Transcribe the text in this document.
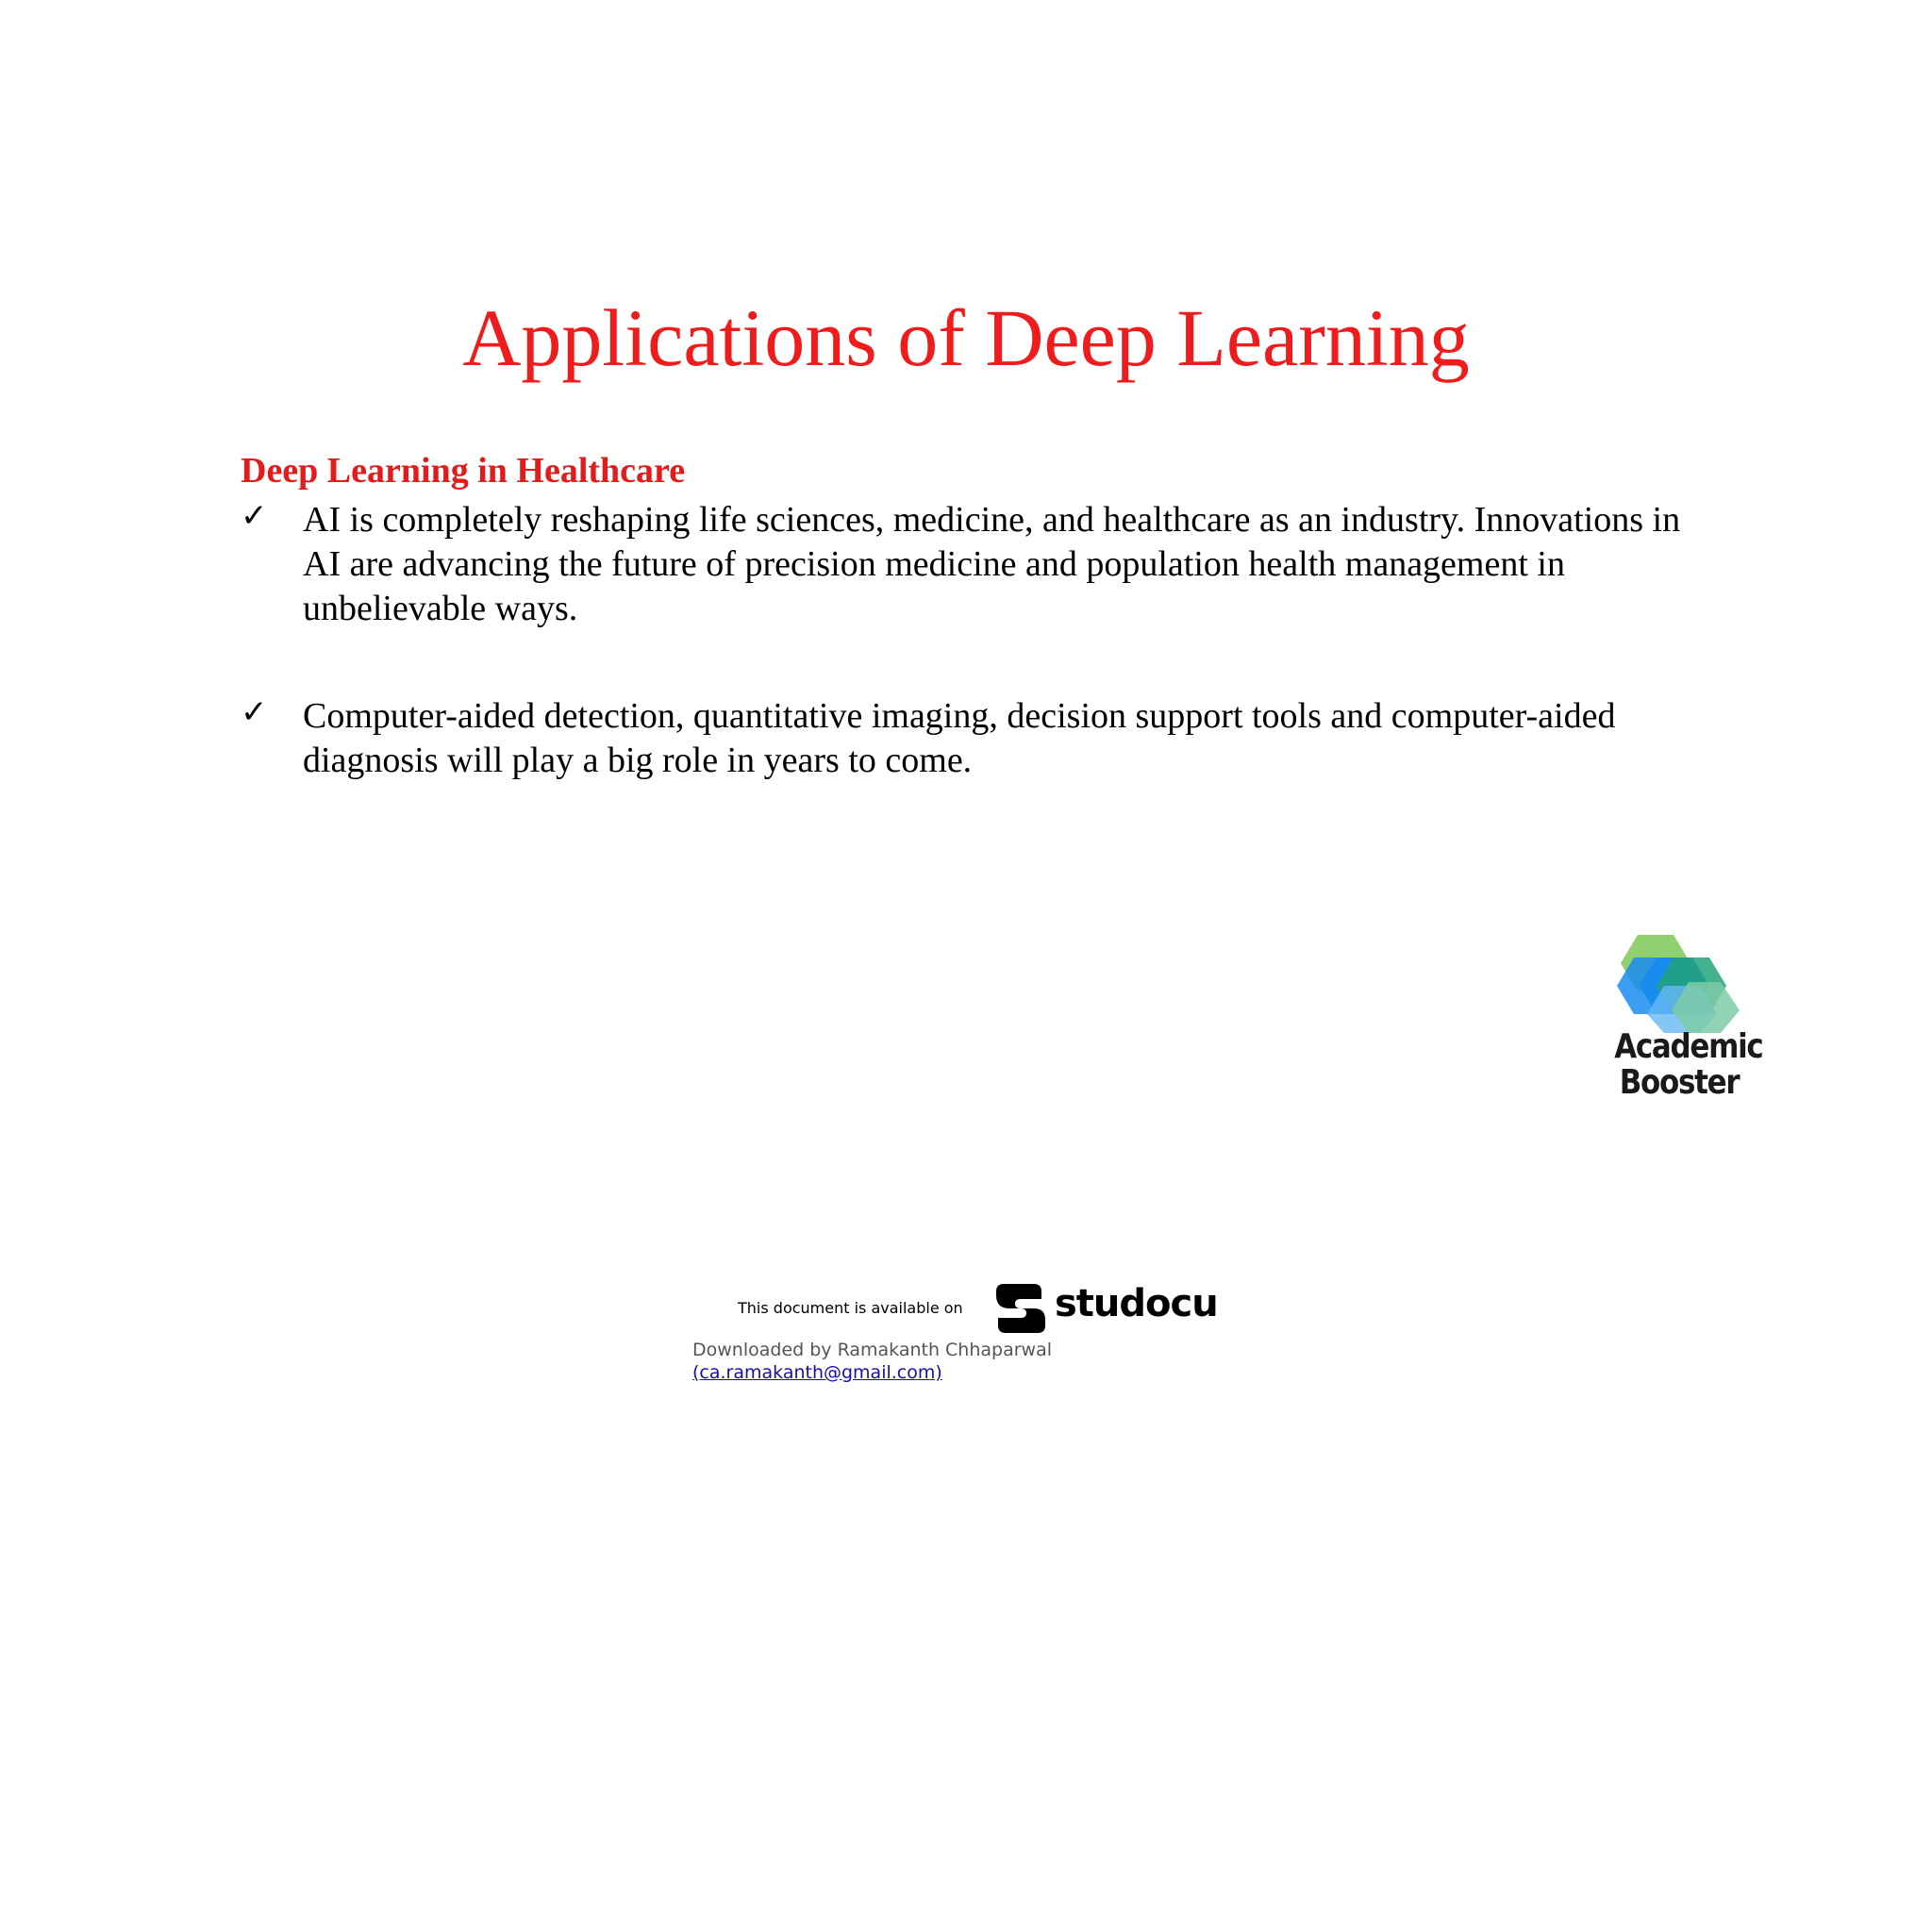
Applications of Deep Learning
Deep Learning in Healthcare
✓ AI is completely reshaping life sciences, medicine, and healthcare as an industry. Innovations in AI are advancing the future of precision medicine and population health management in unbelievable ways.

✓ Computer-aided detection, quantitative imaging, decision support tools and computer-aided diagnosis will play a big role in years to come.

Academic
Booster
This document is available on studocu
Downloaded by Ramakanth Chhaparwal
(ca.ramakanth@gmail.com)
